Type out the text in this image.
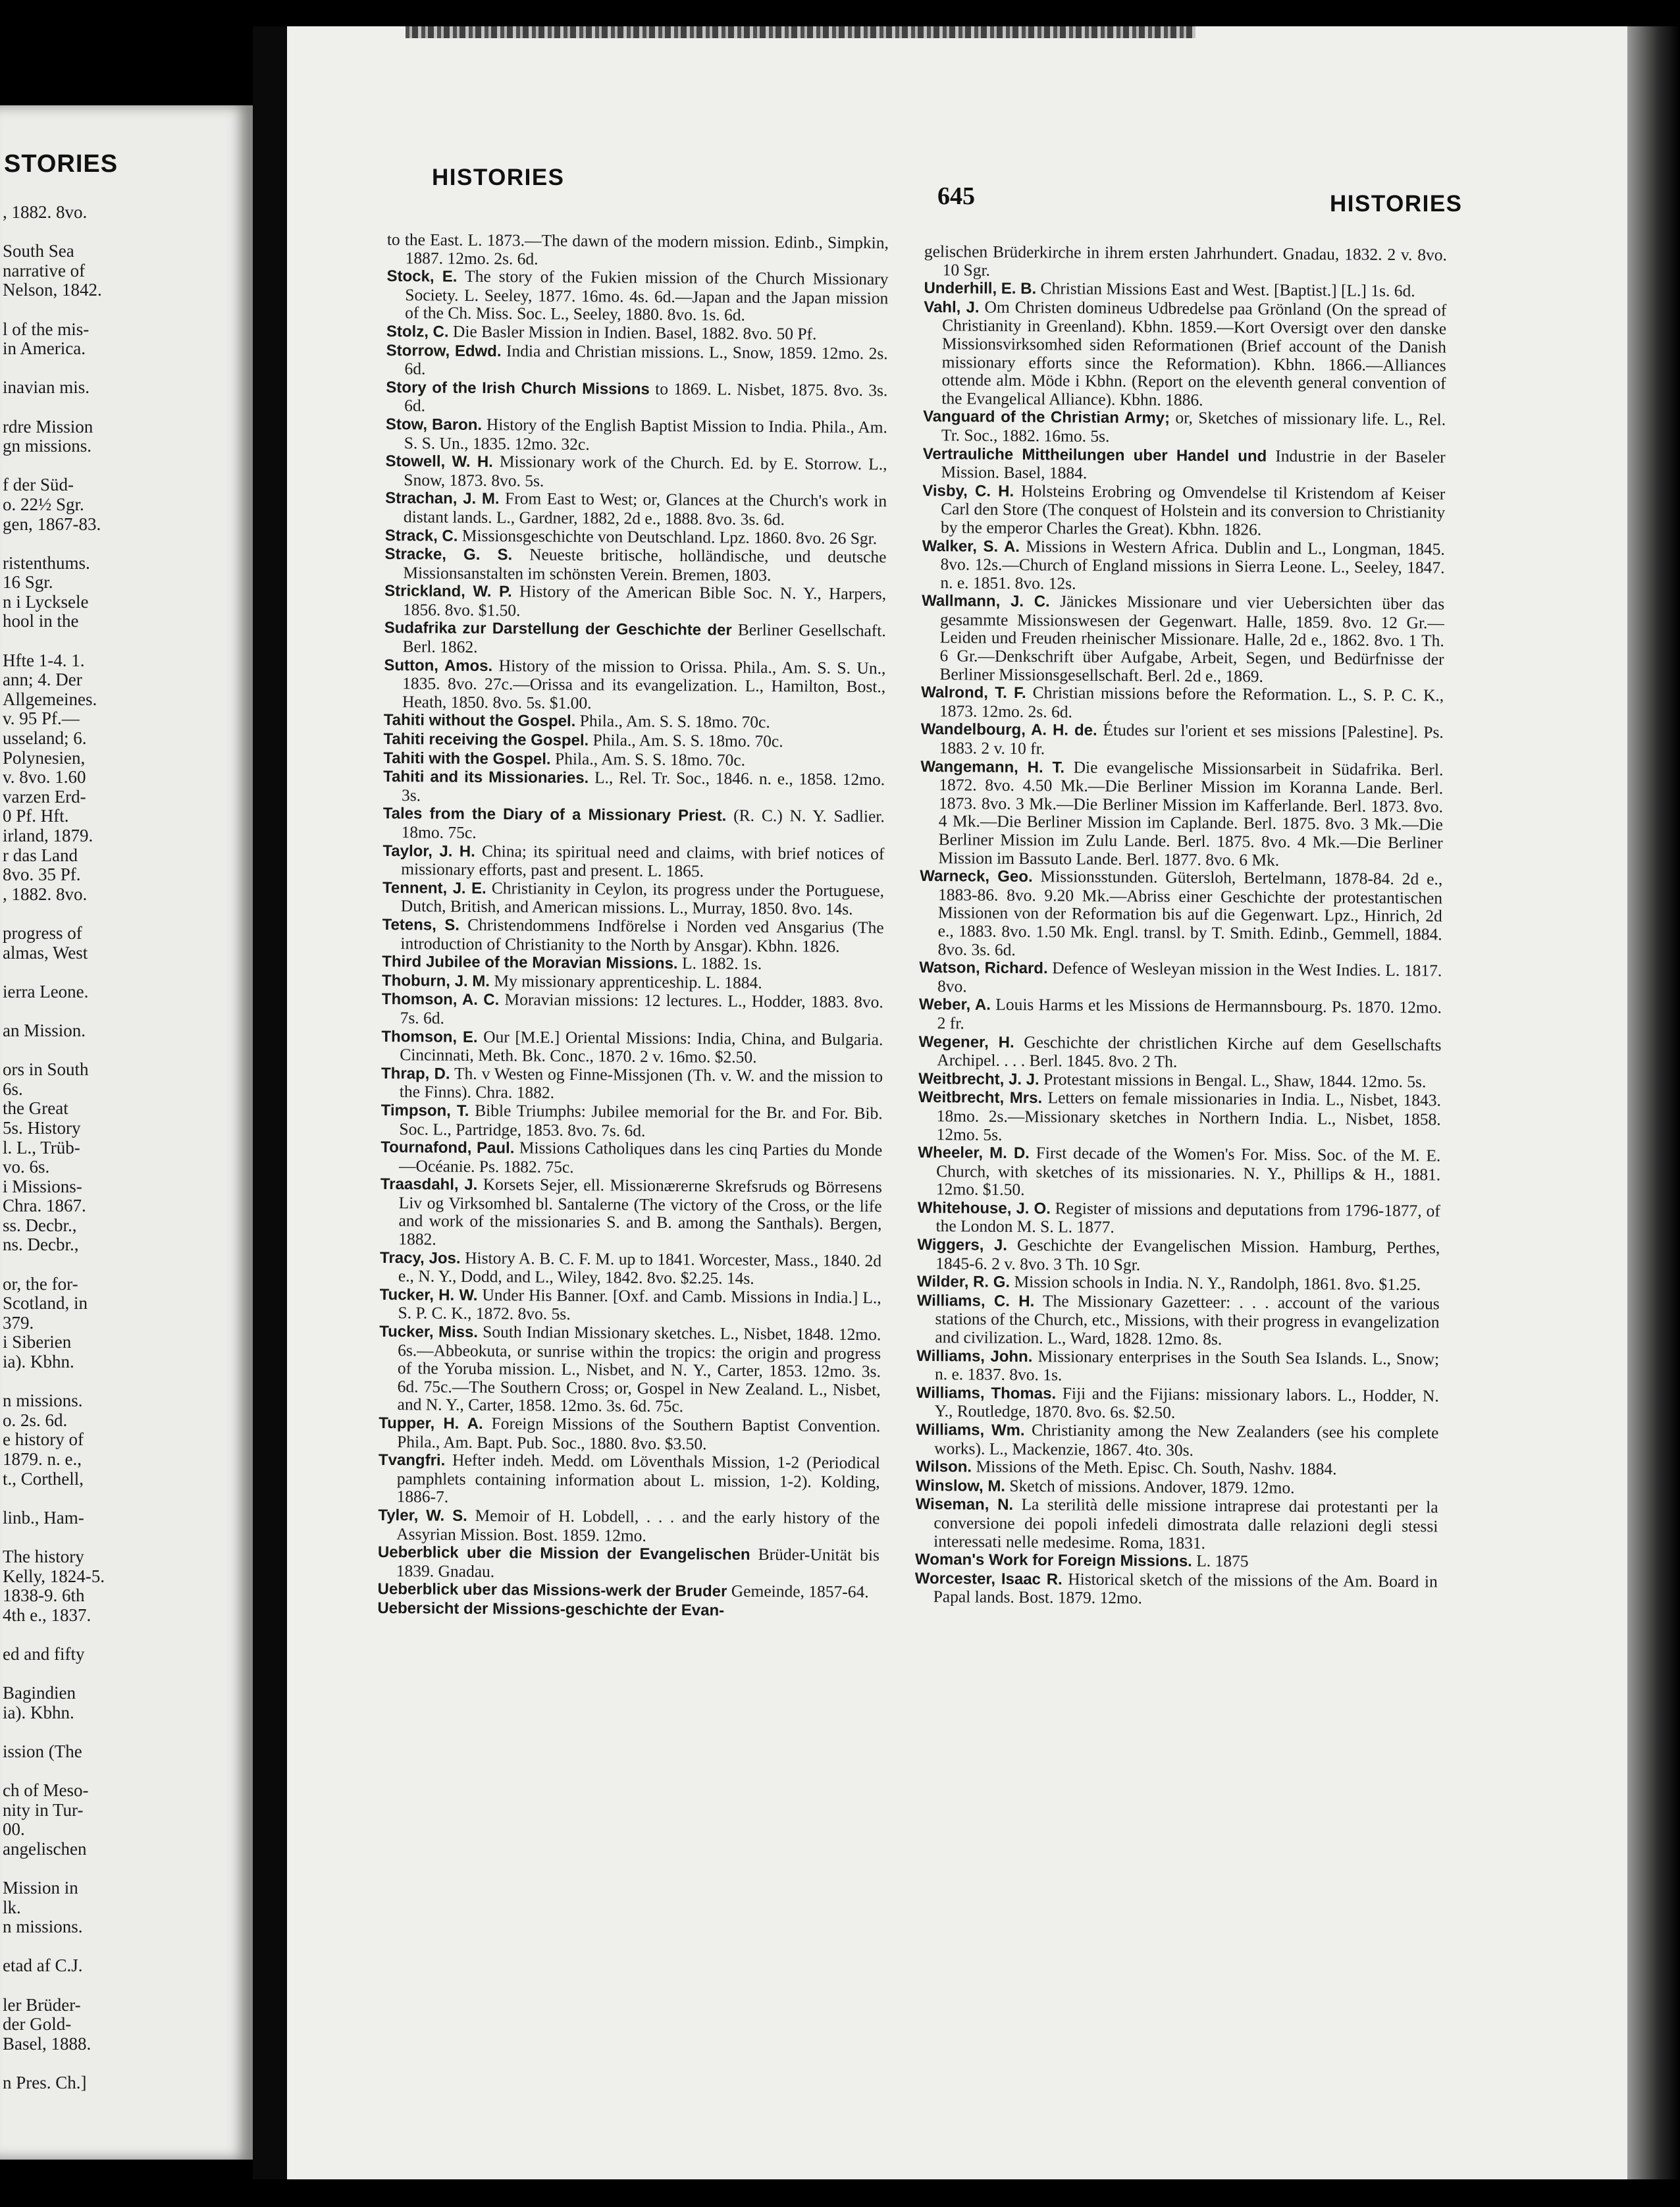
STORIES
, 1882. 8vo.

South Sea
narrative of
Nelson, 1842.

l of the mis-
in America.

inavian mis.

rdre Mission
gn missions.

f der Süd-
o. 22½ Sgr.
gen, 1867-83.

ristenthums.
16 Sgr.
n i Lycksele
hool in the

Hfte 1-4. 1.
ann; 4. Der
Allgemeines.
v. 95 Pf.—
usseland; 6.
Polynesien,
v. 8vo. 1.60
varzen Erd-
0 Pf. Hft.
irland, 1879.
r das Land
8vo. 35 Pf.
, 1882. 8vo.

progress of
almas, West

ierra Leone.

an Mission.

ors in South
6s.
the Great
5s. History
l. L., Trüb-
vo. 6s.
i Missions-
Chra. 1867.
ss. Decbr.,
ns. Decbr.,

or, the for-
Scotland, in
379.
i Siberien
ia). Kbhn.

n missions.
o. 2s. 6d.
e history of
1879. n. e.,
t., Corthell,

linb., Ham-

The history
Kelly, 1824-5.
1838-9. 6th
4th e., 1837.

ed and fifty

Bagindien
ia). Kbhn.

ission (The

ch of Meso-
nity in Tur-
00.
angelischen

Mission in
lk.
n missions.

etad af C.J.

ler Brüder-
der Gold-
Basel, 1888.

n Pres. Ch.]
HISTORIES
645	HISTORIES
to the East. L. 1873.—The dawn of the modern mission. Edinb., Simpkin, 1887. 12mo. 2s. 6d.
Stock, E. The story of the Fukien mission of the Church Missionary Society. L. Seeley, 1877. 16mo. 4s. 6d.—Japan and the Japan mission of the Ch. Miss. Soc. L., Seeley, 1880. 8vo. 1s. 6d.
Stolz, C. Die Basler Mission in Indien. Basel, 1882. 8vo. 50 Pf.
Storrow, Edwd. India and Christian missions. L., Snow, 1859. 12mo. 2s. 6d.
Story of the Irish Church Missions to 1869. L. Nisbet, 1875. 8vo. 3s. 6d.
Stow, Baron. History of the English Baptist Mission to India. Phila., Am. S. S. Un., 1835. 12mo. 32c.
Stowell, W. H. Missionary work of the Church. Ed. by E. Storrow. L., Snow, 1873. 8vo. 5s.
Strachan, J. M. From East to West; or, Glances at the Church's work in distant lands. L., Gardner, 1882, 2d e., 1888. 8vo. 3s. 6d.
Strack, C. Missionsgeschichte von Deutschland. Lpz. 1860. 8vo. 26 Sgr.
Stracke, G. S. Neueste britische, holländische, und deutsche Missionsanstalten im schönsten Verein. Bremen, 1803.
Strickland, W. P. History of the American Bible Soc. N. Y., Harpers, 1856. 8vo. $1.50.
Sudafrika zur Darstellung der Geschichte der Berliner Gesellschaft. Berl. 1862.
Sutton, Amos. History of the mission to Orissa. Phila., Am. S. S. Un., 1835. 8vo. 27c.—Orissa and its evangelization. L., Hamilton, Bost., Heath, 1850. 8vo. 5s. $1.00.
Tahiti without the Gospel. Phila., Am. S. S. 18mo. 70c.
Tahiti receiving the Gospel. Phila., Am. S. S. 18mo. 70c.
Tahiti with the Gospel. Phila., Am. S. S. 18mo. 70c.
Tahiti and its Missionaries. L., Rel. Tr. Soc., 1846. n. e., 1858. 12mo. 3s.
Tales from the Diary of a Missionary Priest. (R. C.) N. Y. Sadlier. 18mo. 75c.
Taylor, J. H. China; its spiritual need and claims, with brief notices of missionary efforts, past and present. L. 1865.
Tennent, J. E. Christianity in Ceylon, its progress under the Portuguese, Dutch, British, and American missions. L., Murray, 1850. 8vo. 14s.
Tetens, S. Christendommens Indförelse i Norden ved Ansgarius (The introduction of Christianity to the North by Ansgar). Kbhn. 1826.
Third Jubilee of the Moravian Missions. L. 1882. 1s.
Thoburn, J. M. My missionary apprenticeship. L. 1884.
Thomson, A. C. Moravian missions: 12 lectures. L., Hodder, 1883. 8vo. 7s. 6d.
Thomson, E. Our [M.E.] Oriental Missions: India, China, and Bulgaria. Cincinnati, Meth. Bk. Conc., 1870. 2 v. 16mo. $2.50.
Thrap, D. Th. v Westen og Finne-Missjonen (Th. v. W. and the mission to the Finns). Chra. 1882.
Timpson, T. Bible Triumphs: Jubilee memorial for the Br. and For. Bib. Soc. L., Partridge, 1853. 8vo. 7s. 6d.
Tournafond, Paul. Missions Catholiques dans les cinq Parties du Monde—Océanie. Ps. 1882. 75c.
Traasdahl, J. Korsets Sejer, ell. Missionærerne Skrefsruds og Börresens Liv og Virksomhed bl. Santalerne (The victory of the Cross, or the life and work of the missionaries S. and B. among the Santhals). Bergen, 1882.
Tracy, Jos. History A. B. C. F. M. up to 1841. Worcester, Mass., 1840. 2d e., N. Y., Dodd, and L., Wiley, 1842. 8vo. $2.25. 14s.
Tucker, H. W. Under His Banner. [Oxf. and Camb. Missions in India.] L., S. P. C. K., 1872. 8vo. 5s.
Tucker, Miss. South Indian Missionary sketches. L., Nisbet, 1848. 12mo. 6s.—Abbeokuta, or sunrise within the tropics: the origin and progress of the Yoruba mission. L., Nisbet, and N. Y., Carter, 1853. 12mo. 3s. 6d. 75c.—The Southern Cross; or, Gospel in New Zealand. L., Nisbet, and N. Y., Carter, 1858. 12mo. 3s. 6d. 75c.
Tupper, H. A. Foreign Missions of the Southern Baptist Convention. Phila., Am. Bapt. Pub. Soc., 1880. 8vo. $3.50.
Tvangfri. Hefter indeh. Medd. om Löventhals Mission, 1-2 (Periodical pamphlets containing information about L. mission, 1-2). Kolding, 1886-7.
Tyler, W. S. Memoir of H. Lobdell, . . . and the early history of the Assyrian Mission. Bost. 1859. 12mo.
Ueberblick uber die Mission der Evangelischen Brüder-Unität bis 1839. Gnadau.
Ueberblick uber das Missions-werk der Bruder Gemeinde, 1857-64.
Uebersicht der Missions-geschichte der Evan-
gelischen Brüderkirche in ihrem ersten Jahrhundert. Gnadau, 1832. 2 v. 8vo. 10 Sgr.
Underhill, E. B. Christian Missions East and West. [Baptist.] [L.] 1s. 6d.
Vahl, J. Om Christen domineus Udbredelse paa Grönland (On the spread of Christianity in Greenland). Kbhn. 1859.—Kort Oversigt over den danske Missionsvirksomhed siden Reformationen (Brief account of the Danish missionary efforts since the Reformation). Kbhn. 1866.—Alliances ottende alm. Möde i Kbhn. (Report on the eleventh general convention of the Evangelical Alliance). Kbhn. 1886.
Vanguard of the Christian Army; or, Sketches of missionary life. L., Rel. Tr. Soc., 1882. 16mo. 5s.
Vertrauliche Mittheilungen uber Handel und Industrie in der Baseler Mission. Basel, 1884.
Visby, C. H. Holsteins Erobring og Omvendelse til Kristendom af Keiser Carl den Store (The conquest of Holstein and its conversion to Christianity by the emperor Charles the Great). Kbhn. 1826.
Walker, S. A. Missions in Western Africa. Dublin and L., Longman, 1845. 8vo. 12s.—Church of England missions in Sierra Leone. L., Seeley, 1847. n. e. 1851. 8vo. 12s.
Wallmann, J. C. Jänickes Missionare und vier Uebersichten über das gesammte Missionswesen der Gegenwart. Halle, 1859. 8vo. 12 Gr.—Leiden und Freuden rheinischer Missionare. Halle, 2d e., 1862. 8vo. 1 Th. 6 Gr.—Denkschrift über Aufgabe, Arbeit, Segen, und Bedürfnisse der Berliner Missionsgesellschaft. Berl. 2d e., 1869.
Walrond, T. F. Christian missions before the Reformation. L., S. P. C. K., 1873. 12mo. 2s. 6d.
Wandelbourg, A. H. de. Études sur l'orient et ses missions [Palestine]. Ps. 1883. 2 v. 10 fr.
Wangemann, H. T. Die evangelische Missionsarbeit in Südafrika. Berl. 1872. 8vo. 4.50 Mk.—Die Berliner Mission im Koranna Lande. Berl. 1873. 8vo. 3 Mk.—Die Berliner Mission im Kafferlande. Berl. 1873. 8vo. 4 Mk.—Die Berliner Mission im Caplande. Berl. 1875. 8vo. 3 Mk.—Die Berliner Mission im Zulu Lande. Berl. 1875. 8vo. 4 Mk.—Die Berliner Mission im Bassuto Lande. Berl. 1877. 8vo. 6 Mk.
Warneck, Geo. Missionsstunden. Gütersloh, Bertelmann, 1878-84. 2d e., 1883-86. 8vo. 9.20 Mk.—Abriss einer Geschichte der protestantischen Missionen von der Reformation bis auf die Gegenwart. Lpz., Hinrich, 2d e., 1883. 8vo. 1.50 Mk. Engl. transl. by T. Smith. Edinb., Gemmell, 1884. 8vo. 3s. 6d.
Watson, Richard. Defence of Wesleyan mission in the West Indies. L. 1817. 8vo.
Weber, A. Louis Harms et les Missions de Hermannsbourg. Ps. 1870. 12mo. 2 fr.
Wegener, H. Geschichte der christlichen Kirche auf dem Gesellschafts Archipel. . . . Berl. 1845. 8vo. 2 Th.
Weitbrecht, J. J. Protestant missions in Bengal. L., Shaw, 1844. 12mo. 5s.
Weitbrecht, Mrs. Letters on female missionaries in India. L., Nisbet, 1843. 18mo. 2s.—Missionary sketches in Northern India. L., Nisbet, 1858. 12mo. 5s.
Wheeler, M. D. First decade of the Women's For. Miss. Soc. of the M. E. Church, with sketches of its missionaries. N. Y., Phillips & H., 1881. 12mo. $1.50.
Whitehouse, J. O. Register of missions and deputations from 1796-1877, of the London M. S. L. 1877.
Wiggers, J. Geschichte der Evangelischen Mission. Hamburg, Perthes, 1845-6. 2 v. 8vo. 3 Th. 10 Sgr.
Wilder, R. G. Mission schools in India. N. Y., Randolph, 1861. 8vo. $1.25.
Williams, C. H. The Missionary Gazetteer: . . . account of the various stations of the Church, etc., Missions, with their progress in evangelization and civilization. L., Ward, 1828. 12mo. 8s.
Williams, John. Missionary enterprises in the South Sea Islands. L., Snow; n. e. 1837. 8vo. 1s.
Williams, Thomas. Fiji and the Fijians: missionary labors. L., Hodder, N. Y., Routledge, 1870. 8vo. 6s. $2.50.
Williams, Wm. Christianity among the New Zealanders (see his complete works). L., Mackenzie, 1867. 4to. 30s.
Wilson. Missions of the Meth. Episc. Ch. South, Nashv. 1884.
Winslow, M. Sketch of missions. Andover, 1879. 12mo.
Wiseman, N. La sterilità delle missione intraprese dai protestanti per la conversione dei popoli infedeli dimostrata dalle relazioni degli stessi interessati nelle medesime. Roma, 1831.
Woman's Work for Foreign Missions. L. 1875
Worcester, Isaac R. Historical sketch of the missions of the Am. Board in Papal lands. Bost. 1879. 12mo.
